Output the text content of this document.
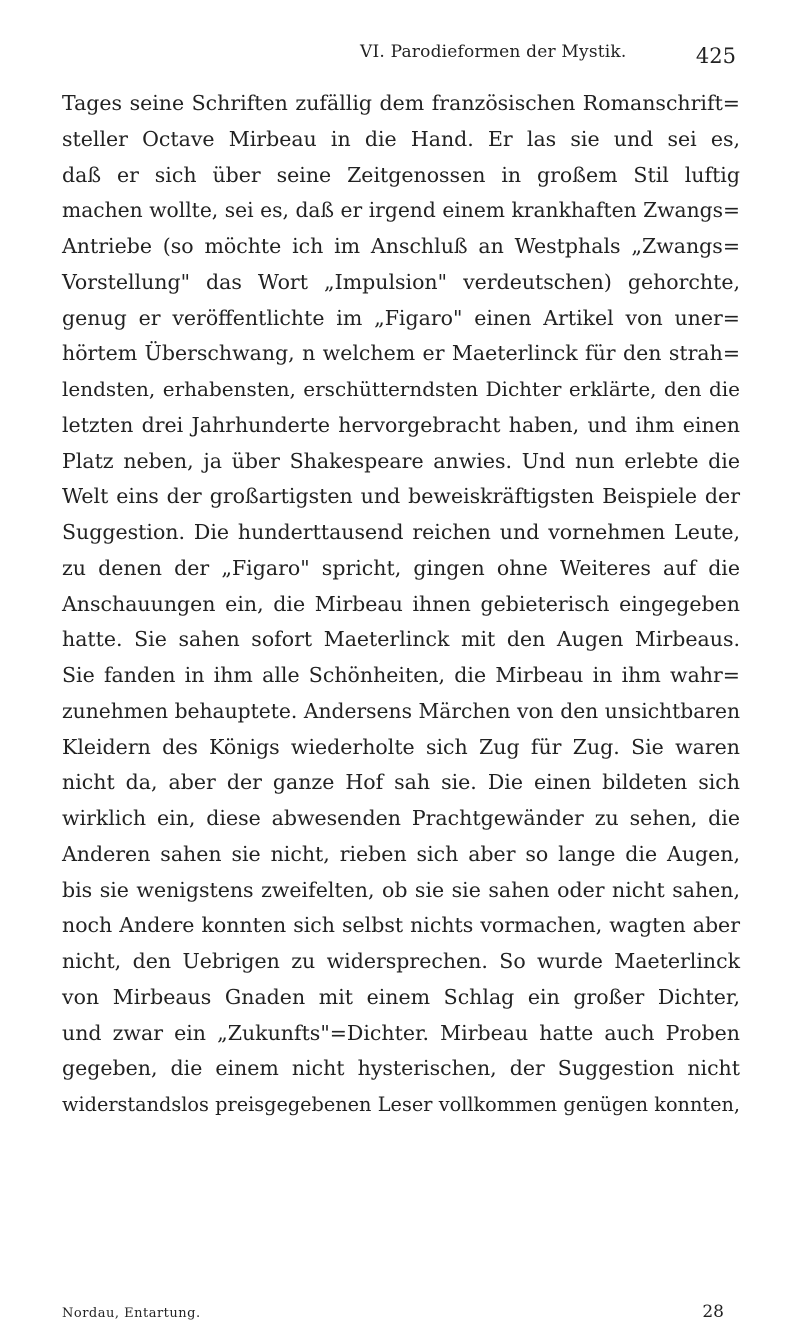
VI. Parodieformen der Mystik.	425
Tages seine Schriften zufällig dem französischen Romanschrift=
steller Octave Mirbeau in die Hand. Er las sie und sei es,
daß er sich über seine Zeitgenossen in großem Stil luftig
machen wollte, sei es, daß er irgend einem krankhaften Zwangs=
Antriebe (so möchte ich im Anschluß an Westphals „Zwangs=
Vorstellung" das Wort „Impulsion" verdeutschen) gehorchte,
genug er veröffentlichte im „Figaro" einen Artikel von uner=
hörtem Überschwang, n welchem er Maeterlinck für den strah=
lendsten, erhabensten, erschütterndsten Dichter erklärte, den die
letzten drei Jahrhunderte hervorgebracht haben, und ihm einen
Platz neben, ja über Shakespeare anwies. Und nun erlebte die
Welt eins der großartigsten und beweiskräftigsten Beispiele der
Suggestion. Die hunderttausend reichen und vornehmen Leute,
zu denen der „Figaro" spricht, gingen ohne Weiteres auf die
Anschauungen ein, die Mirbeau ihnen gebieterisch eingegeben
hatte. Sie sahen sofort Maeterlinck mit den Augen Mirbeaus.
Sie fanden in ihm alle Schönheiten, die Mirbeau in ihm wahr=
zunehmen behauptete. Andersens Märchen von den unsichtbaren
Kleidern des Königs wiederholte sich Zug für Zug. Sie waren
nicht da, aber der ganze Hof sah sie. Die einen bildeten sich
wirklich ein, diese abwesenden Prachtgewänder zu sehen, die
Anderen sahen sie nicht, rieben sich aber so lange die Augen,
bis sie wenigstens zweifelten, ob sie sie sahen oder nicht sahen,
noch Andere konnten sich selbst nichts vormachen, wagten aber
nicht, den Uebrigen zu widersprechen. So wurde Maeterlinck
von Mirbeaus Gnaden mit einem Schlag ein großer Dichter,
und zwar ein „Zukunfts"=Dichter. Mirbeau hatte auch Proben
gegeben, die einem nicht hysterischen, der Suggestion nicht
widerstandslos preisgegebenen Leser vollkommen genügen konnten,
Nordau, Entartung.	28
